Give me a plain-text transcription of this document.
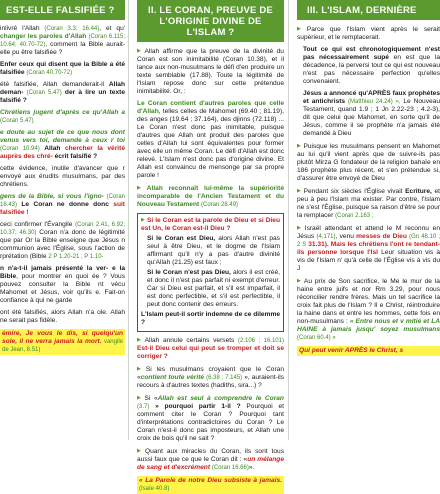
EST-ELLE FALSIFIÉE ?

inlivré l'Allah (Coran 3.3; 16.44), et qu' changer les paroles d'Allah (Coran 6.115; 10.64; 40.70-72), comment la Bible aurait-elle pu être falsifiée ?

Enfer ceux qui disent que la Bible a été falsifiée (Coran 40.70-72)

été falsifiée, Allah demanderait-il Allah deman- (Coran 5.47) der à lire un texte falsifié ?

Chrétiens jugent d'après ce qu'Allah a (Coran 5.47)

e doute au sujet de ce que nous dont venus vers toi, demande à ceux r toi (Coran 10.94) Allah chercher la vérité auprès des chré- écrit falsifié ?

cette évidence, inutile d'avancer que r envoyé aux érudits musulmans, par des chrétiens.

gens de la Bible, si vous l'igno- (Coran 16.43) Le Coran ne donne donc suit falsifiée !

ceci confirmer l'Évangile (Coran 2.41, 6.92; 10.37; 46.30) Coran n'a donc de légitimité que par Or la Bible enseigne que Jésus n communion avec l'Église, sous l'action de rprétation (Bible 2 P 1.20-21 ; P 1.10-

n n'a-t-il jamais présenté la ver- e la Bible, pour montrer en quoi ée ? Vous pouvez consulter la Bible nt vécu Mahomet et Jésus, voir qu'ils e. Fait-on confiance à qui ne garde

ont été falsifiés, alors Allah n'a ole. Allah ne serait pas fidèle.

émire, Je vous le dis, si quelqu'un sole, il ne verra jamais la mort. vangile de Jean, 8.51)

II. LE CORAN, PREUVE DE L'ORIGINE DIVINE DE L'ISLAM ?

▶ Allah affirme que la preuve de la divinité du Coran est son inimitabilité (Coran 10.38), et il lance aux non-musulmans le défi d'en produire un texte semblable (17.88). Toute la légitimité de l'Islam repose donc sur cette prétendue inimitabilité. Or, :

Le Coran contient d'autres paroles que celle d'Allah, telles celles de Mahomet (69.40 ; 81.19), des anges (19.64 ; 37.164), des djinns (72.118) ... Le Coran n'est donc pas inimitable, puisque d'autres que Allah ont produit des paroles que celles d'Allah lui sont équivalentes pour former avec elle un même Coran. Le défi d'Allah est donc relevé. L'Islam n'est donc pas d'origine divine. Et Allah est convaincu de mensonge par sa propre parole !

▶ Allah reconnaît lui-même la supériorité incomparable de l'Ancien Testament et du Nouveau Testament (Coran 28.49)

▶ Si le Coran est la parole de Dieu et si Dieu est Un, le Coran est-il Dieu ?

Si le Coran est Dieu, alors Allah n'est pas seul à être Dieu, et le dogme de l'Islam affirmant qu'il n'y a pas d'autre divinité qu'Allah (21.25) est faux ;

Si le Coran n'est pas Dieu, alors il est créé, et donc il n'est pas parfait ni exempt d'erreur. Car si Dieu est parfait, et s'il est imparfait, il est donc perfectible, et s'il est perfectible, il peut donc contenir des erreurs.

L'Islam peut-il sortir indemne de ce dilemme ?

▶ Allah annule certains versets (2.106 ; 16.101) Est-il Dieu celui qui peut se tromper et doit se corriger ?

▶ Si les musulmans croyaient que le Coran «contient toute vérité (6.38 ; 7.145) », auraient-ils recours à d'autres textes (hadiths, sira...) ?

▶ Si «Allah est seul à comprendre le Coran (3.7) » pourquoi partir 1-il ? Pourquoi et comment citer le Coran ? Pourquoi tant d'interprétations contradictoires du Coran ? Le Coran n'est-il donc pas imposteurs, et Allah une croix de bois qu'il ne sait ?

▶ Quant aux miracles du Coran, ils sont tous aussi faux que ce que le Coran dit : «un mélange de sang et d'excrément (Coran 16.66)».

« La Parole de notre Dieu subsiste à jamais. (Isaïe 40.8)

III. L'ISLAM, DERNIÈRE

▶ Parce que l'Islam vient après le serait supérieur, et le remplacerait.

Tout ce qui est chronologiquement n'est pas nécessairement supé en est que la décadence, la perversi tout ce qui est nouveau n'est pas nécessaire perfection qu'elles convenaient.

Jésus a annoncé qu'APRÈS faux prophètes et antichrists (Matthieu 24.24) », Le Nouveau Testament, quand 1.9 ; 1 Jn 2.22-23 ; 4.2-3), dit que celui que Mahomet, en sorte qu'il de Jésus, comme il se prophète n'a jamais été demandé à Dieu

▶ Puisque les musulmans pensent en Mahomet au lui qu'il vient après que de suivre-ils pas plutôt Mirza G fondateur de la religion bahaïe en 186 prophète plus récent, et s'en prétendue si, d'assurer être envoyé de Dieu

▶ Pendant six siècles l'Église vivait Ecriture, et peu à peu l'Islam ma exister. Par contre, l'Islam ne s'est l'Église, puisque sa raison d'être se pour la remplacer (Coran 2.163 ;

▶ Israël attendant et attend le M reconnu en Jésus (4.171), venu messes de Dieu (Gn 48.10 ; 2 S 31.31). Mais les chrétiens l'ont re tendant-ils personne lorsque l'Isl Leur situation vis à vis de l'Islam n' qu'à celle de l'Église vis à vis du J

▶ Au prix de Son sacrifice, le Me le mur de la haine entre juifs et nor Rm 3.29, pour nous réconcilier rendre frères. Mais un tel sacrifice la croix fait plus de l'Islam ? Il e Christ, réintroduire la haine dans et entre les hommes, cette fois en non-musulmans : « Entre nous et v mitié et LA HAINE à jamais jusqu' soyez musulmans (Coran 60.4) »

Qui peut venir APRÈS le Christ, s
